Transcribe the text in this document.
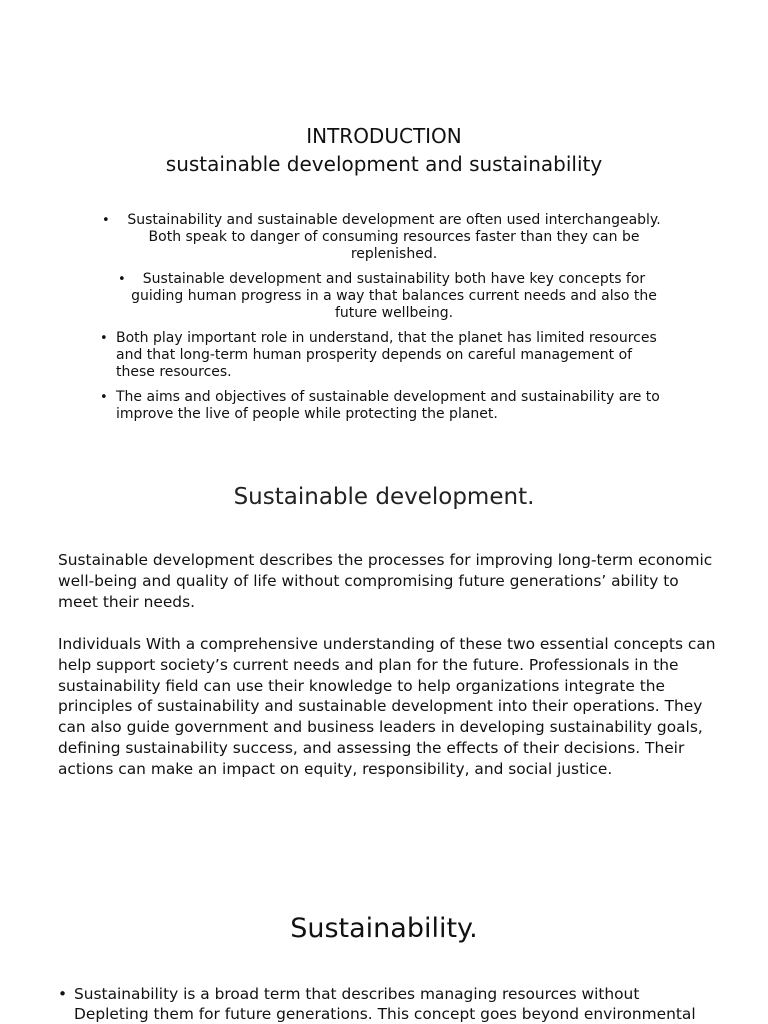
INTRODUCTION
sustainable development and sustainability
• Sustainability and sustainable development are often used interchangeably. Both speak to danger of consuming resources faster than they can be replenished.
• Sustainable development and sustainability both have key concepts for guiding human progress in a way that balances current needs and also the future wellbeing.
• Both play important role in understand, that the planet has limited resources and that long-term human prosperity depends on careful management of these resources.
• The aims and objectives of sustainable development and sustainability are to improve the live of people while protecting the planet.
Sustainable development.

Sustainable development describes the processes for improving long-term economic well-being and quality of life without compromising future generations’ ability to meet their needs.

Individuals With a comprehensive understanding of these two essential concepts can help support society’s current needs and plan for the future. Professionals in the sustainability field can use their knowledge to help organizations integrate the principles of sustainability and sustainable development into their operations. They can also guide government and business leaders in developing sustainability goals, defining sustainability success, and assessing the effects of their decisions. Their actions can make an impact on equity, responsibility, and social justice.

Sustainability.
• Sustainability is a broad term that describes managing resources without Depleting them for future generations. This concept goes beyond environmental
